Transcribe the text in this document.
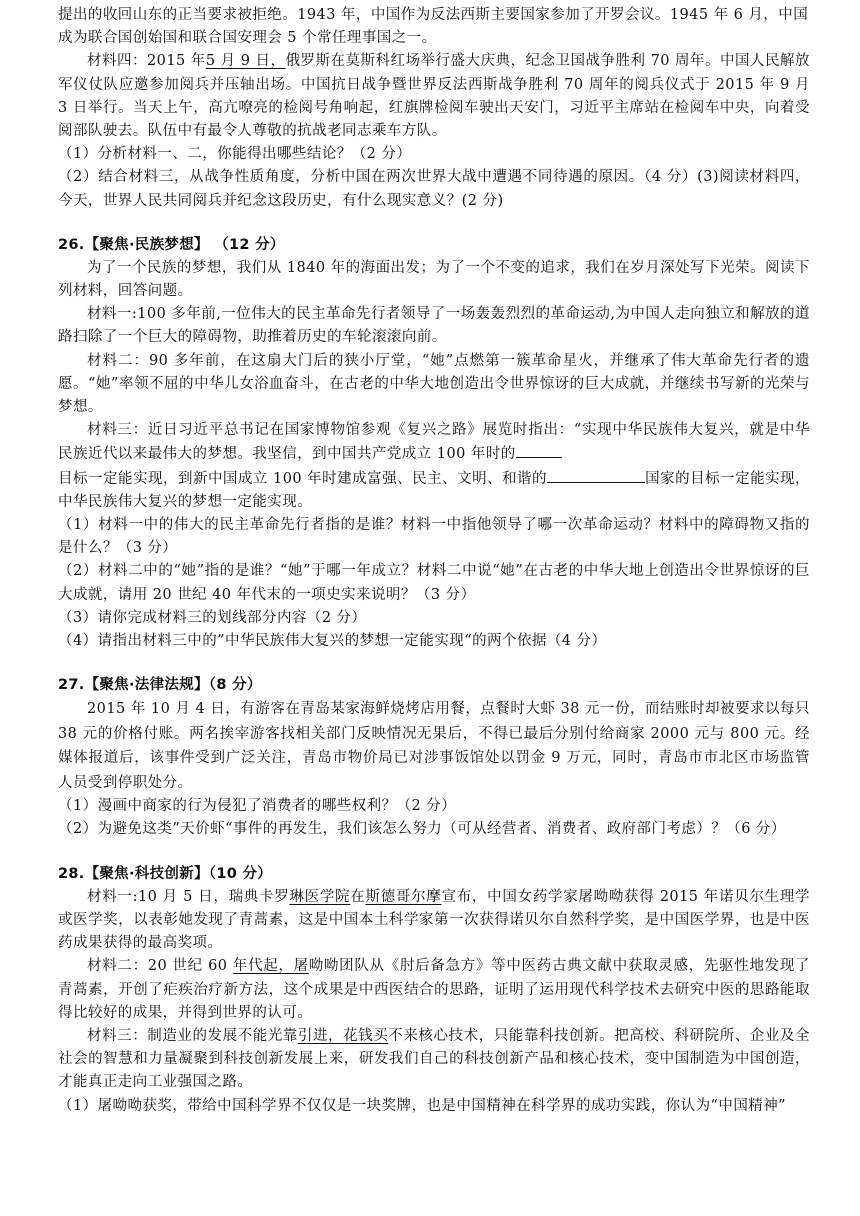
提出的收回山东的正当要求被拒绝。1943 年，中国作为反法西斯主要国家参加了开罗会议。1945 年 6 月，中国

成为联合国创始国和联合国安理会 5 个常任理事国之一。

材料四：2015 年5 月 9 日，俄罗斯在莫斯科红场举行盛大庆典，纪念卫国战争胜利 70 周年。中国人民解放军仪仗队应邀参加阅兵并压轴出场。中国抗日战争暨世界反法西斯战争胜利 70 周年的阅兵仪式于 2015 年 9 月 3 日举行。当天上午，高亢嘹亮的检阅号角响起，红旗牌检阅车驶出天安门，习近平主席站在检阅车中央，向着受阅部队驶去。队伍中有最令人尊敬的抗战老同志乘车方队。

（1）分析材料一、二，你能得出哪些结论？（2 分）

（2）结合材料三，从战争性质角度，分析中国在两次世界大战中遭遇不同待遇的原因。（4 分）(3)阅读材料四，今天，世界人民共同阅兵并纪念这段历史，有什么现实意义？(2 分)

26.【聚焦·民族梦想】 （12 分）

为了一个民族的梦想，我们从 1840 年的海面出发；为了一个不变的追求，我们在岁月深处写下光荣。阅读下列材料，回答问题。

材料一:100 多年前,一位伟大的民主革命先行者领导了一场轰轰烈烈的革命运动,为中国人走向独立和解放的道路扫除了一个巨大的障碍物，助推着历史的车轮滚滚向前。

材料二：90 多年前，在这扇大门后的狭小厅堂，“她”点燃第一簇革命星火，并继承了伟大革命先行者的遗愿。“她”率领不屈的中华儿女浴血奋斗，在古老的中华大地创造出令世界惊讶的巨大成就，并继续书写新的光荣与梦想。

材料三：近日习近平总书记在国家博物馆参观《复兴之路》展览时指出：“实现中华民族伟大复兴，就是中华民族近代以来最伟大的梦想。我坚信，到中国共产党成立 100 年时的
目标一定能实现，到新中国成立 100 年时建成富强、民主、文明、和谐的	国家的目标一定能实现，中华民族伟大复兴的梦想一定能实现。

（1）材料一中的伟大的民主革命先行者指的是谁？材料一中指他领导了哪一次革命运动？材料中的障碍物又指的是什么？（3 分）

（2）材料二中的“她”指的是谁？“她”于哪一年成立？材料二中说“她”在古老的中华大地上创造出令世界惊讶的巨大成就，请用 20 世纪 40 年代末的一项史实来说明？（3 分）

（3）请你完成材料三的划线部分内容（2 分）

（4）请指出材料三中的”中华民族伟大复兴的梦想一定能实现“的两个依据（4 分）

27.【聚焦·法律法规】（8 分）

2015 年 10 月 4 日，有游客在青岛某家海鲜烧烤店用餐，点餐时大虾 38 元一份，而结账时却被要求以每只 38 元的价格付账。两名挨宰游客找相关部门反映情况无果后，不得已最后分别付给商家 2000 元与 800 元。经媒体报道后，该事件受到广泛关注，青岛市物价局已对涉事饭馆处以罚金 9 万元，同时，青岛市市北区市场监管人员受到停职处分。

（1）漫画中商家的行为侵犯了消费者的哪些权利？（2 分）

（2）为避免这类”天价虾“事件的再发生，我们该怎么努力（可从经营者、消费者、政府部门考虑）？（6 分）

28.【聚焦·科技创新】（10 分）

材料一:10 月 5 日，瑞典卡罗琳医学院在斯德哥尔摩宣布，中国女药学家屠呦呦获得 2015 年诺贝尔生理学或医学奖，以表彰她发现了青蒿素，这是中国本土科学家第一次获得诺贝尔自然科学奖，是中国医学界，也是中医药成果获得的最高奖项。

材料二：20 世纪 60 年代起，屠呦呦团队从《肘后备急方》等中医药古典文献中获取灵感，先驱性地发现了青蒿素，开创了疟疾治疗新方法，这个成果是中西医结合的思路，证明了运用现代科学技术去研究中医的思路能取得比较好的成果，并得到世界的认可。

材料三：制造业的发展不能光靠引进，花钱买不来核心技术，只能靠科技创新。把高校、科研院所、企业及全社会的智慧和力量凝聚到科技创新发展上来，研发我们自己的科技创新产品和核心技术，变中国制造为中国创造，才能真正走向工业强国之路。

（1）屠呦呦获奖，带给中国科学界不仅仅是一块奖牌，也是中国精神在科学界的成功实践，你认为“中国精神”
